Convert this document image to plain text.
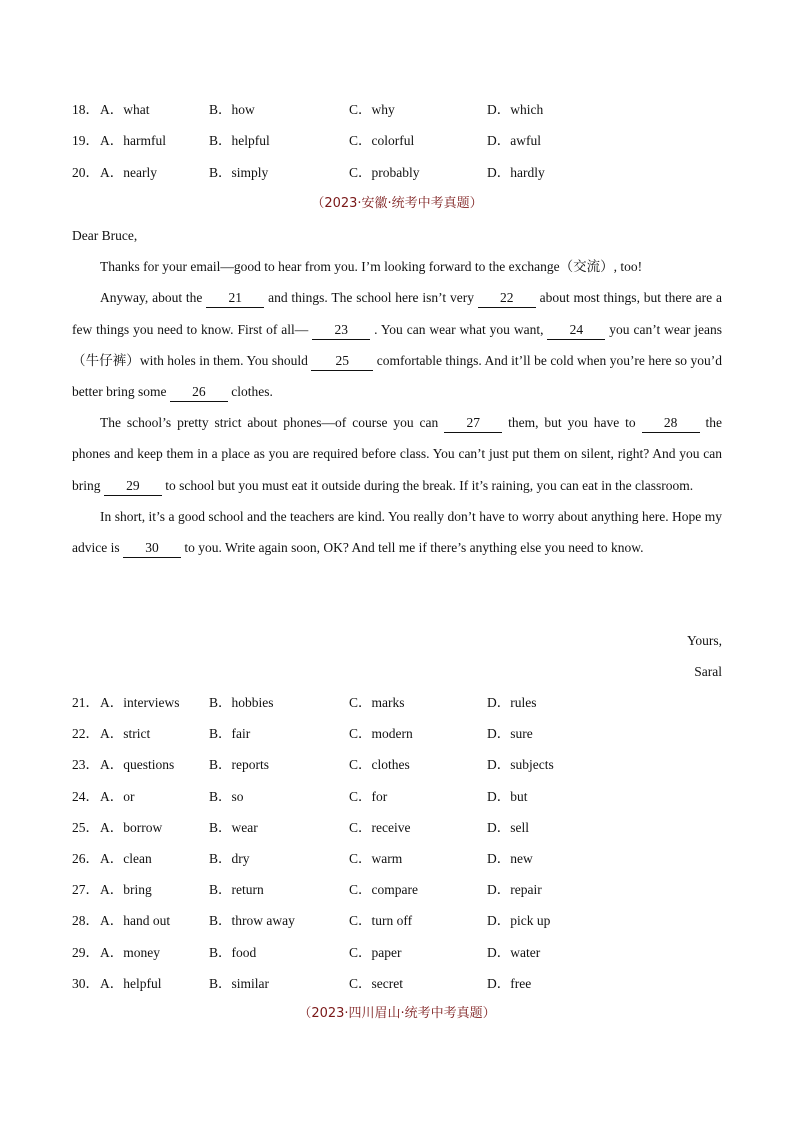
18． A．what	B．how	C．why	D．which
19． A．harmful	B．helpful	C．colorful	D．awful
20． A．nearly	B．simply	C．probably	D．hardly
（2023·安徽·统考中考真题）
Dear Bruce,
Thanks for your email—good to hear from you. I’m looking forward to the exchange（交流）, too!
Anyway, about the 21 and things. The school here isn’t very 22 about most things, but there are a few things you need to know. First of all— 23 . You can wear what you want, 24 you can’t wear jeans（牛仔裤）with holes in them. You should 25 comfortable things. And it’ll be cold when you’re here so you’d better bring some 26 clothes.
The school’s pretty strict about phones—of course you can 27 them, but you have to 28 the phones and keep them in a place as you are required before class. You can’t just put them on silent, right? And you can bring 29 to school but you must eat it outside during the break. If it’s raining, you can eat in the classroom.
In short, it’s a good school and the teachers are kind. You really don’t have to worry about anything here. Hope my advice is 30 to you. Write again soon, OK? And tell me if there’s anything else you need to know.
Yours,
Saral
21． A．interviews B．hobbies	C．marks	D．rules
22． A．strict	B．fair	C．modern	D．sure
23． A．questions	B．reports	C．clothes	D．subjects
24． A．or	B．so	C．for	D．but
25． A．borrow	B．wear	C．receive	D．sell
26． A．clean	B．dry	C．warm	D．new
27． A．bring	B．return	C．compare	D．repair
28． A．hand out	B．throw away	C．turn off	D．pick up
29． A．money	B．food	C．paper	D．water
30． A．helpful	B．similar	C．secret	D．free
（2023·四川眉山·统考中考真题）
